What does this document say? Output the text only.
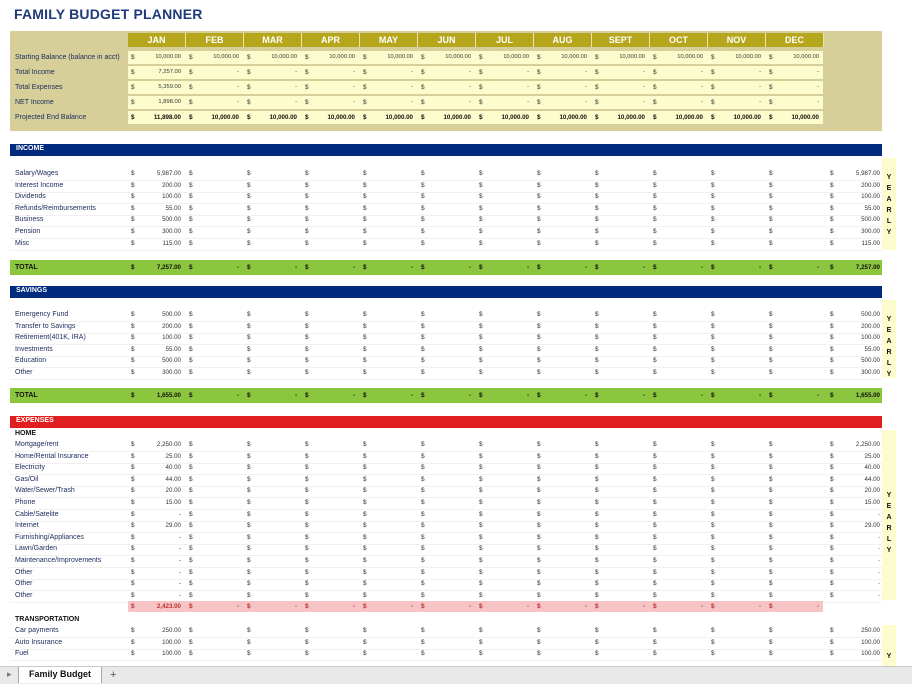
FAMILY BUDGET PLANNER
JAN	FEB	MAR	APR	MAY	JUN	JUL	AUG	SEPT	OCT	NOV	DEC
Starting Balance (balance in acct) $	10,000.00 $	10,000.00 $	10,000.00 $	10,000.00 $	10,000.00 $	10,000.00 $	10,000.00 $	10,000.00 $	10,000.00 $	10,000.00 $	10,000.00 $	10,000.00
Total Income	$	7,257.00 $	- $	- $	- $	- $	- $	- $	- $	- $	- $	- $	-
Total Expenses	$	5,359.00 $	- $	- $	- $	- $	- $	- $	- $	- $	- $	- $	-
NET Income	$	1,898.00 $	- $	- $	- $	- $	- $	- $	- $	- $	- $	- $	-
Projected End Balance	$	11,898.00 $	10,000.00 $	10,000.00 $	10,000.00 $	10,000.00 $	10,000.00 $	10,000.00 $	10,000.00 $	10,000.00 $	10,000.00 $	10,000.00 $	10,000.00
INCOME
Salary/Wages	$	5,987.00 $	$	$	$	$	$	$	$	$	$	$	$	5,987.00
Interest Income	$	200.00 $	$	$	$	$	$	$	$	$	$	$	$	200.00
Dividends	$	100.00 $	$	$	$	$	$	$	$	$	$	$	$	100.00
Refunds/Reimbursements	$	55.00 $	$	$	$	$	$	$	$	$	$	$	$	55.00
Business	$	500.00 $	$	$	$	$	$	$	$	$	$	$	$	500.00
Pension	$	300.00 $	$	$	$	$	$	$	$	$	$	$	$	300.00
Misc	$	115.00 $	$	$	$	$	$	$	$	$	$	$	$	115.00
TOTAL	$	7,257.00 $	- $	- $	- $	- $	- $	- $	- $	- $	- $	- $	- $	7,257.00
Y
E
A
R
L
Y
SAVINGS
Emergency Fund	$	500.00 $	$	$	$	$	$	$	$	$	$	$	$	500.00
Transfer to Savings	$	200.00 $	$	$	$	$	$	$	$	$	$	$	$	200.00
Retirement(401K, IRA)	$	100.00 $	$	$	$	$	$	$	$	$	$	$	$	100.00
Investments	$	55.00 $	$	$	$	$	$	$	$	$	$	$	$	55.00
Education	$	500.00 $	$	$	$	$	$	$	$	$	$	$	$	500.00
Other	$	300.00 $	$	$	$	$	$	$	$	$	$	$	$	300.00
TOTAL	$	1,655.00 $	- $	- $	- $	- $	- $	- $	- $	- $	- $	- $	- $	1,655.00
Y
E
A
R
L
Y
EXPENSES
HOME
Mortgage/rent	$	2,250.00 $	$	$	$	$	$	$	$	$	$	$	$	2,250.00
Home/Rental Insurance	$	25.00 $	$	$	$	$	$	$	$	$	$	$	$	25.00
Electricity	$	40.00 $	$	$	$	$	$	$	$	$	$	$	$	40.00
Gas/Oil	$	44.00 $	$	$	$	$	$	$	$	$	$	$	$	44.00
Water/Sewer/Trash	$	20.00 $	$	$	$	$	$	$	$	$	$	$	$	20.00
Phone	$	15.00 $	$	$	$	$	$	$	$	$	$	$	$	15.00
Cable/Satelite	$	- $	$	$	$	$	$	$	$	$	$	$	$	-
Internet	$	29.00 $	$	$	$	$	$	$	$	$	$	$	$	29.00
Furnishing/Appliances	$	- $	$	$	$	$	$	$	$	$	$	$	$	-
Lawn/Garden	$	- $	$	$	$	$	$	$	$	$	$	$	$	-
Maintenance/Improvements	$	- $	$	$	$	$	$	$	$	$	$	$	$	-
Other	$	- $	$	$	$	$	$	$	$	$	$	$	$	-
Other	$	- $	$	$	$	$	$	$	$	$	$	$	$	-
Other	$	- $	$	$	$	$	$	$	$	$	$	$	$	-
$	2,423.00 $	- $	- $	- $	- $	- $	- $	- $	- $	- $	- $	-
Y
E
A
R
L
Y
TRANSPORTATION
Car payments	$	250.00 $	$	$	$	$	$	$	$	$	$	$	$	250.00
Auto Insurance	$	100.00 $	$	$	$	$	$	$	$	$	$	$	$	100.00
Fuel	$	100.00 $	$	$	$	$	$	$	$	$	$	$	$	100.00 Y
▸	Family Budget	+
